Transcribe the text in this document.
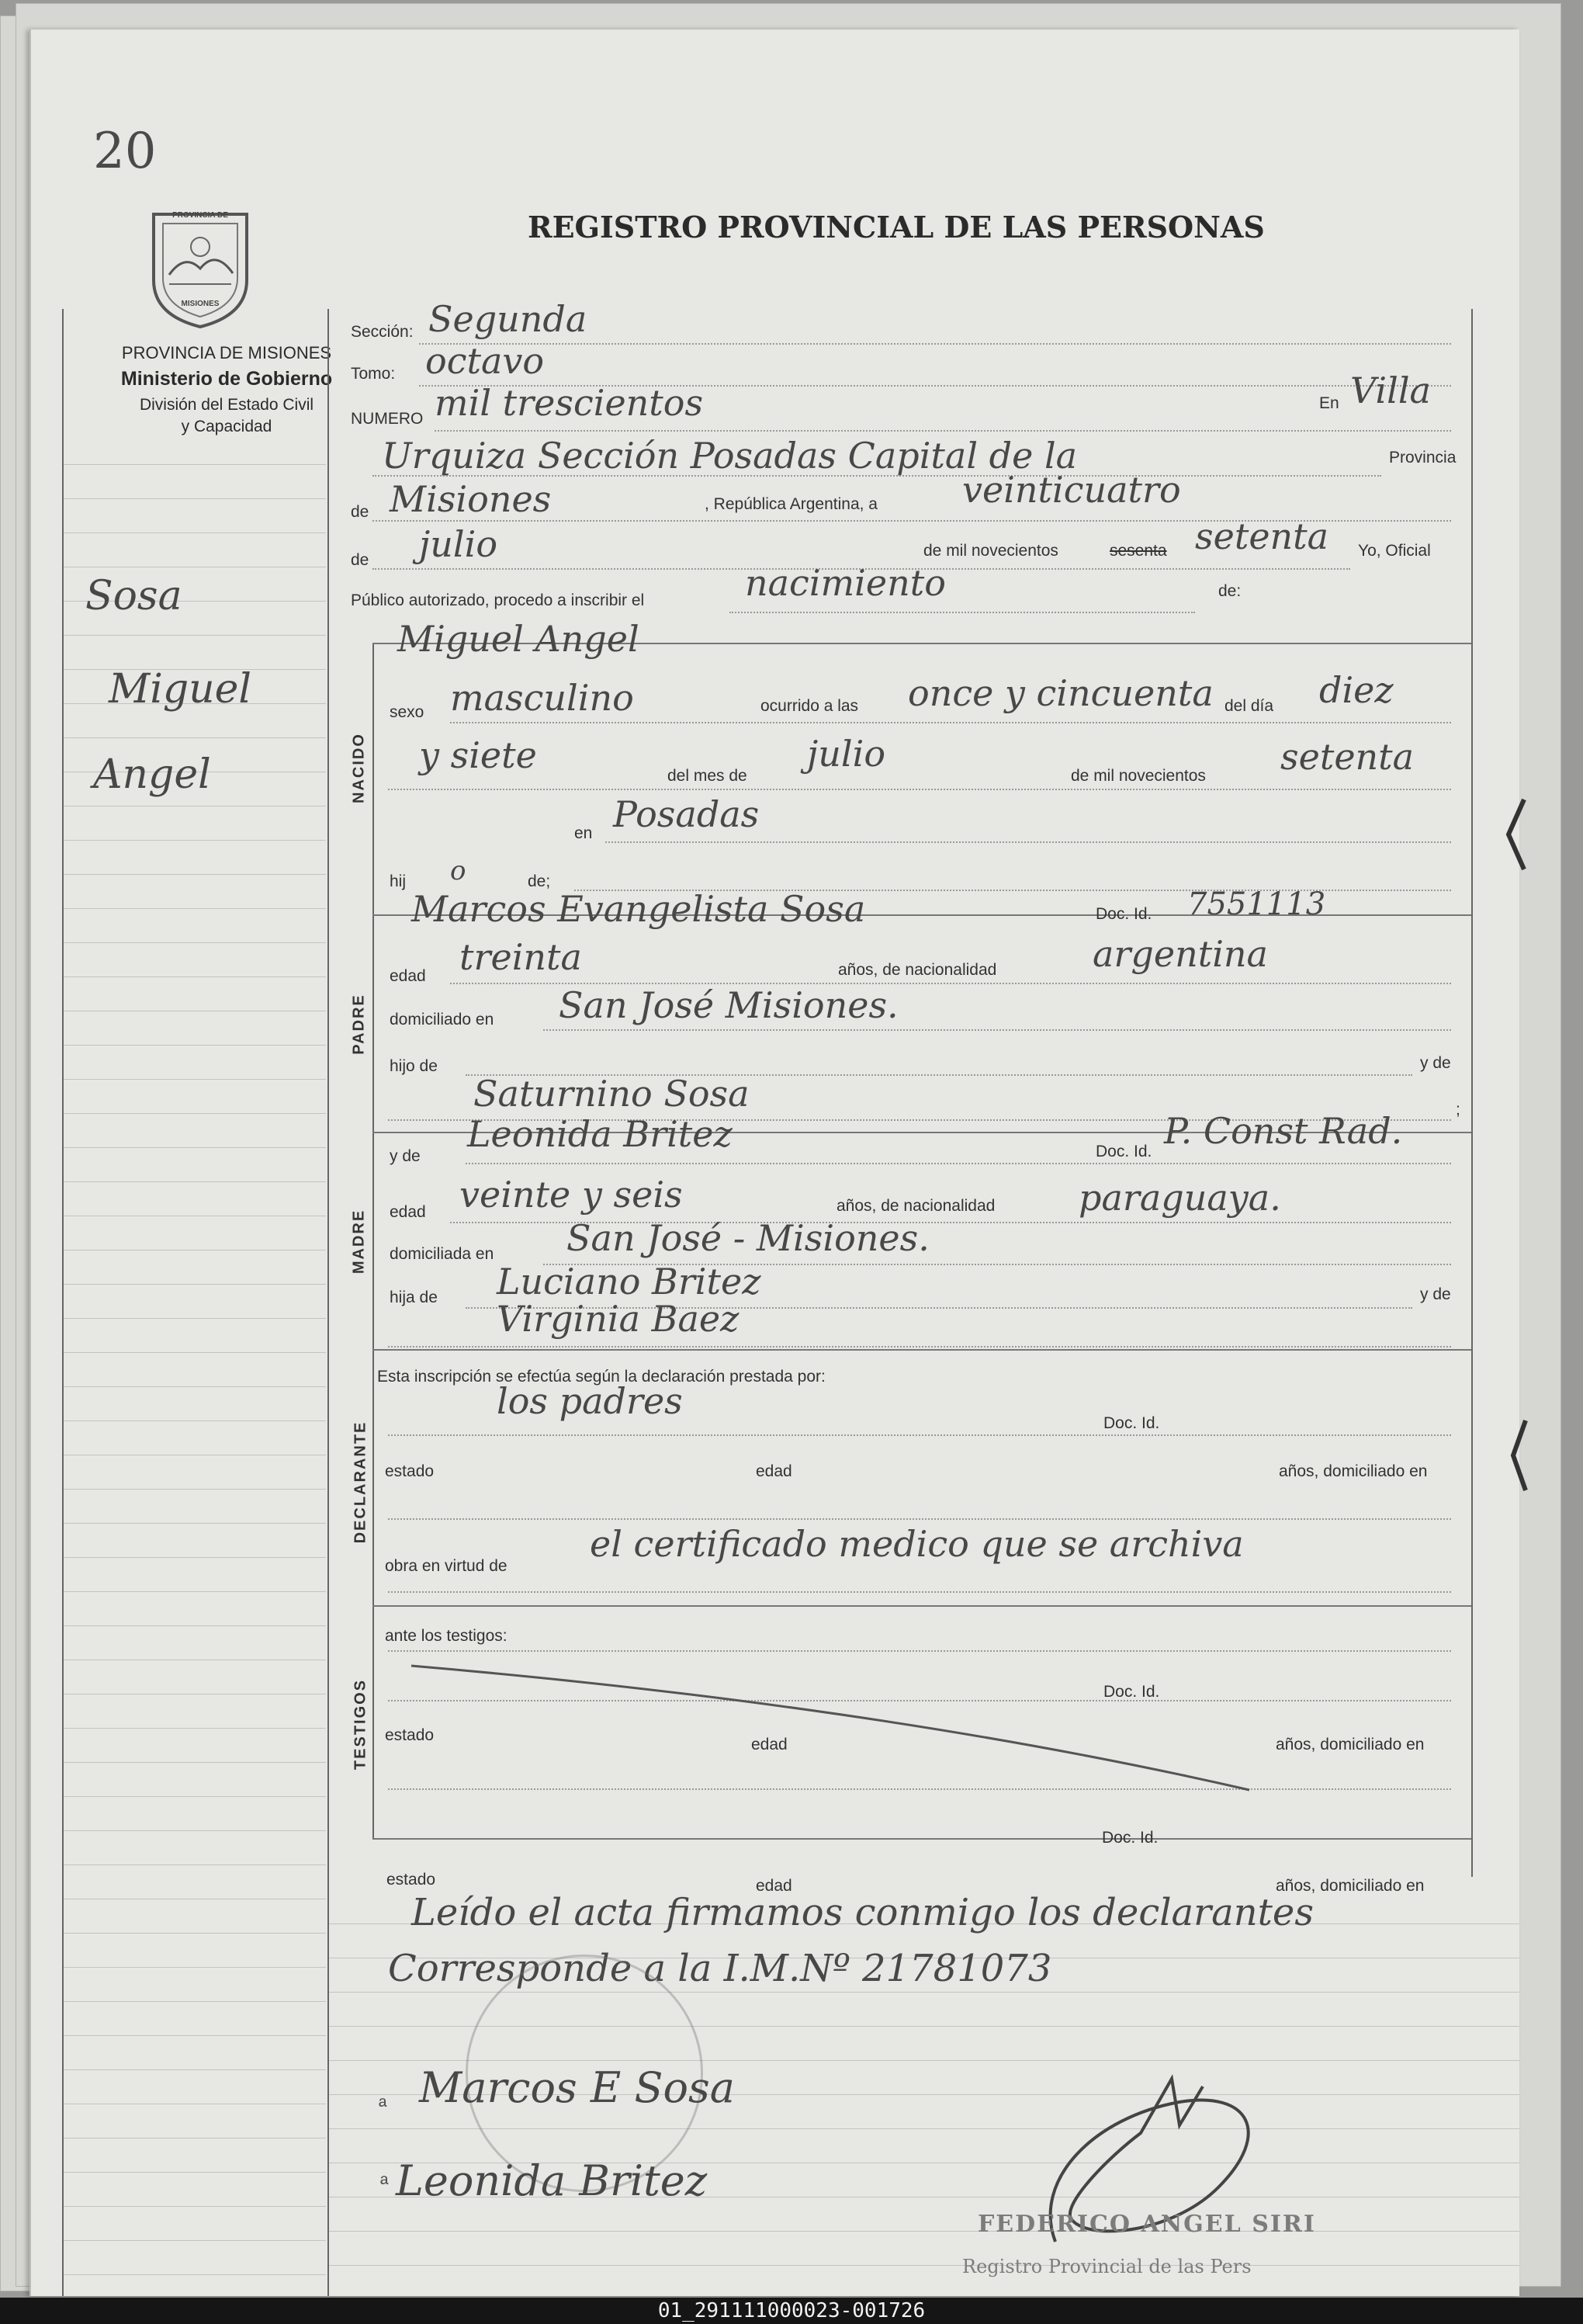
20
PROVINCIA DE
MISIONES
PROVINCIA DE MISIONES
Ministerio de Gobierno
División del Estado Civil
y Capacidad
REGISTRO PROVINCIAL DE LAS PERSONAS
NACIDO
PADRE
MADRE
DECLARANTE
TESTIGOS
Sosa
Miguel
Angel
Sección: Segunda
Tomo: octavo
NUMERO mil trescientos	En Villa
Urquiza Sección Posadas Capital de la	Provincia
de Misiones	, República Argentina, a veinticuatro
de julio	de mil novecientos	sesenta setenta Yo, Oficial
Público autorizado, procedo a inscribir el	nacimiento	de:
Miguel Angel
sexo masculino	ocurrido a las once y cincuenta del día diez
y siete	del mes de
julio
de mil novecientos setenta
en Posadas
hij o	de;
Marcos Evangelista Sosa	Doc. Id. 7551113
edad treinta	años, de nacionalidad	argentina
domiciliado en San José Misiones.
hijo de	y de
Saturnino Sosa	;
y de
Leonida Britez	Doc. Id. P. Const Rad.
edad veinte y seis	años, de nacionalidad paraguaya.
domiciliada en San José - Misiones.
hija de Luciano Britez	y de
Virginia Baez
Esta inscripción se efectúa según la declaración prestada por:
los padres
Doc. Id.
estado	edad	años, domiciliado en
obra en virtud de
el certificado medico que se archiva
ante los testigos:
Doc. Id.
estado
edad	años, domiciliado en
Doc. Id.
estado	edad	años, domiciliado en
Leído el acta firmamos conmigo los declarantes
Corresponde a la I.M.Nº 21781073
ª Marcos E Sosa
ª Leonida Britez
FEDERICO ANGEL SIRI
Registro Provincial de las Pers
01_291111000023-001726
